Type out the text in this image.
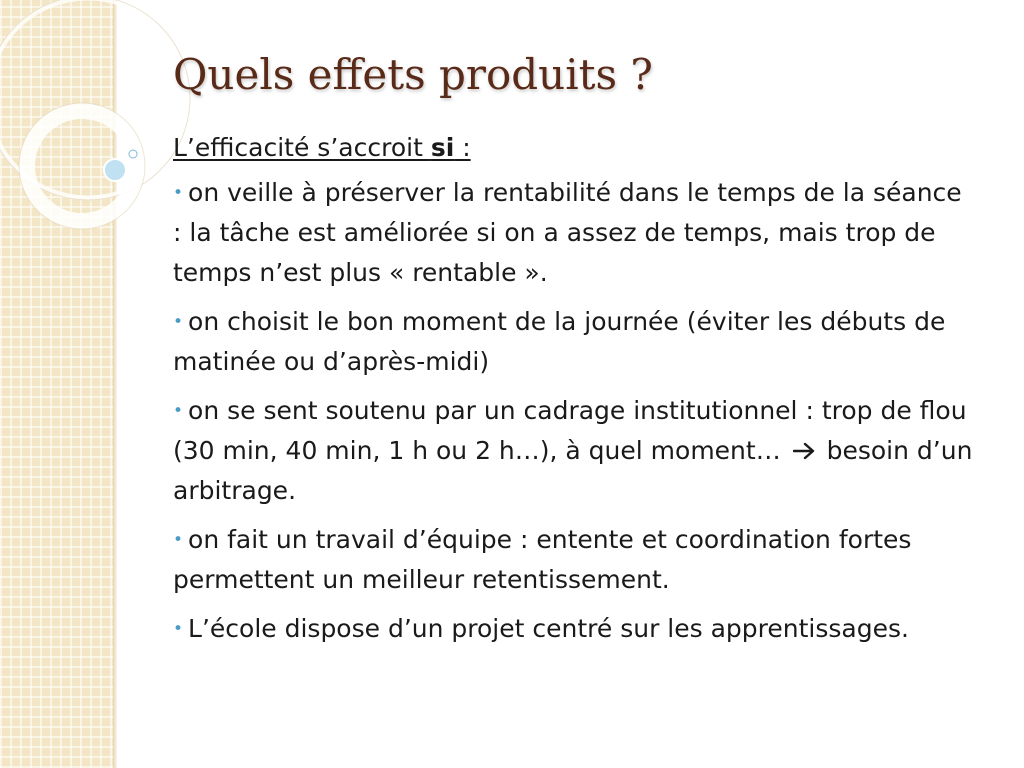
Quels effets produits ?

L’efficacité s’accroit si :

• on veille à préserver la rentabilité dans le temps de la séance : la tâche est améliorée si on a assez de temps, mais trop de temps n’est plus « rentable ».
• on choisit le bon moment de la journée (éviter les débuts de matinée ou d’après-midi)
• on se sent soutenu par un cadrage institutionnel : trop de flou (30 min, 40 min, 1 h ou 2 h…), à quel moment…  besoin d’un arbitrage.
• on fait un travail d’équipe : entente et coordination fortes permettent un meilleur retentissement.
• L’école dispose d’un projet centré sur les apprentissages.
